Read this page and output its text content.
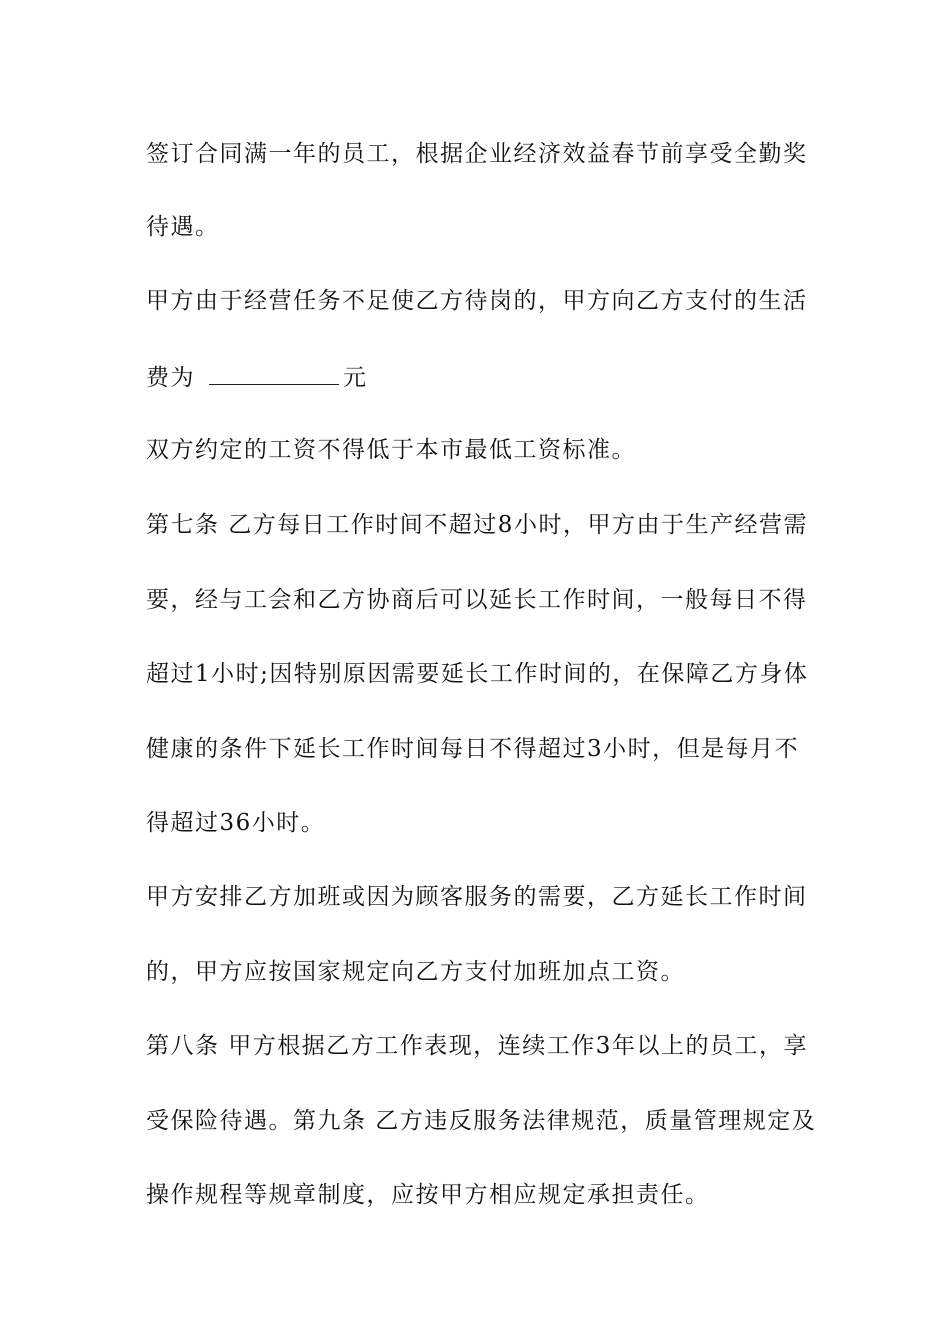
签订合同满一年的员工，根据企业经济效益春节前享受全勤奖
待遇。
甲方由于经营任务不足使乙方待岗的，甲方向乙方支付的生活
费为	元
双方约定的工资不得低于本市最低工资标准。
第七条 乙方每日工作时间不超过8小时，甲方由于生产经营需
要，经与工会和乙方协商后可以延长工作时间，一般每日不得
超过1小时;因特别原因需要延长工作时间的，在保障乙方身体
健康的条件下延长工作时间每日不得超过3小时，但是每月不
得超过36小时。
甲方安排乙方加班或因为顾客服务的需要，乙方延长工作时间
的，甲方应按国家规定向乙方支付加班加点工资。
第八条 甲方根据乙方工作表现，连续工作3年以上的员工，享
受保险待遇。第九条 乙方违反服务法律规范，质量管理规定及
操作规程等规章制度，应按甲方相应规定承担责任。
